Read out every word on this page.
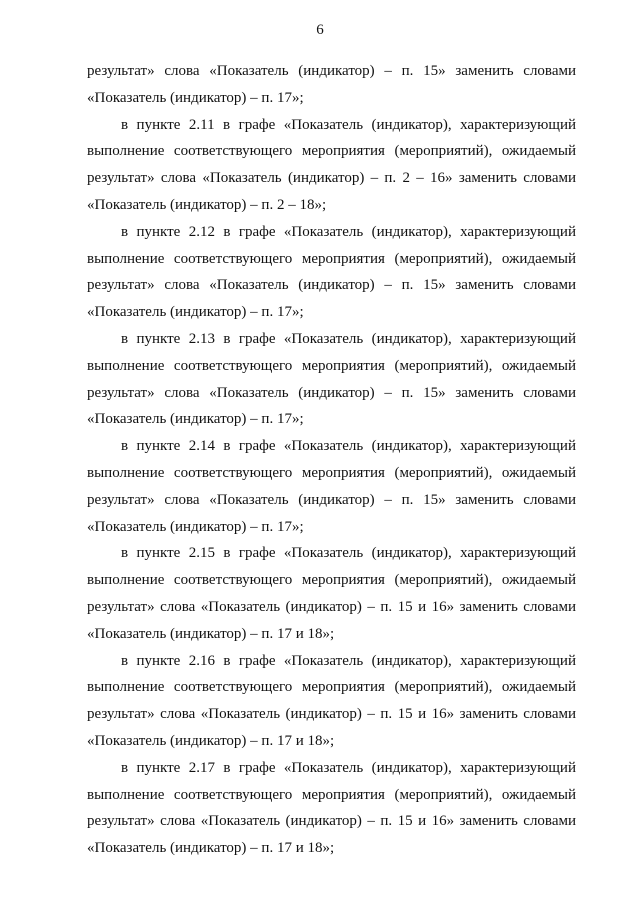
6
результат» слова «Показатель (индикатор) – п. 15» заменить словами
«Показатель (индикатор) – п. 17»;
в пункте 2.11 в графе «Показатель (индикатор), характеризующий
выполнение соответствующего мероприятия (мероприятий), ожидаемый
результат» слова «Показатель (индикатор) – п. 2 – 16» заменить словами
«Показатель (индикатор) – п. 2 – 18»;
в пункте 2.12 в графе «Показатель (индикатор), характеризующий
выполнение соответствующего мероприятия (мероприятий), ожидаемый
результат» слова «Показатель (индикатор) – п. 15» заменить словами
«Показатель (индикатор) – п. 17»;
в пункте 2.13 в графе «Показатель (индикатор), характеризующий
выполнение соответствующего мероприятия (мероприятий), ожидаемый
результат» слова «Показатель (индикатор) – п. 15» заменить словами
«Показатель (индикатор) – п. 17»;
в пункте 2.14 в графе «Показатель (индикатор), характеризующий
выполнение соответствующего мероприятия (мероприятий), ожидаемый
результат» слова «Показатель (индикатор) – п. 15» заменить словами
«Показатель (индикатор) – п. 17»;
в пункте 2.15 в графе «Показатель (индикатор), характеризующий
выполнение соответствующего мероприятия (мероприятий), ожидаемый
результат» слова «Показатель (индикатор) – п. 15 и 16» заменить словами
«Показатель (индикатор) – п. 17 и 18»;
в пункте 2.16 в графе «Показатель (индикатор), характеризующий
выполнение соответствующего мероприятия (мероприятий), ожидаемый
результат» слова «Показатель (индикатор) – п. 15 и 16» заменить словами
«Показатель (индикатор) – п. 17 и 18»;
в пункте 2.17 в графе «Показатель (индикатор), характеризующий
выполнение соответствующего мероприятия (мероприятий), ожидаемый
результат» слова «Показатель (индикатор) – п. 15 и 16» заменить словами
«Показатель (индикатор) – п. 17 и 18»;
